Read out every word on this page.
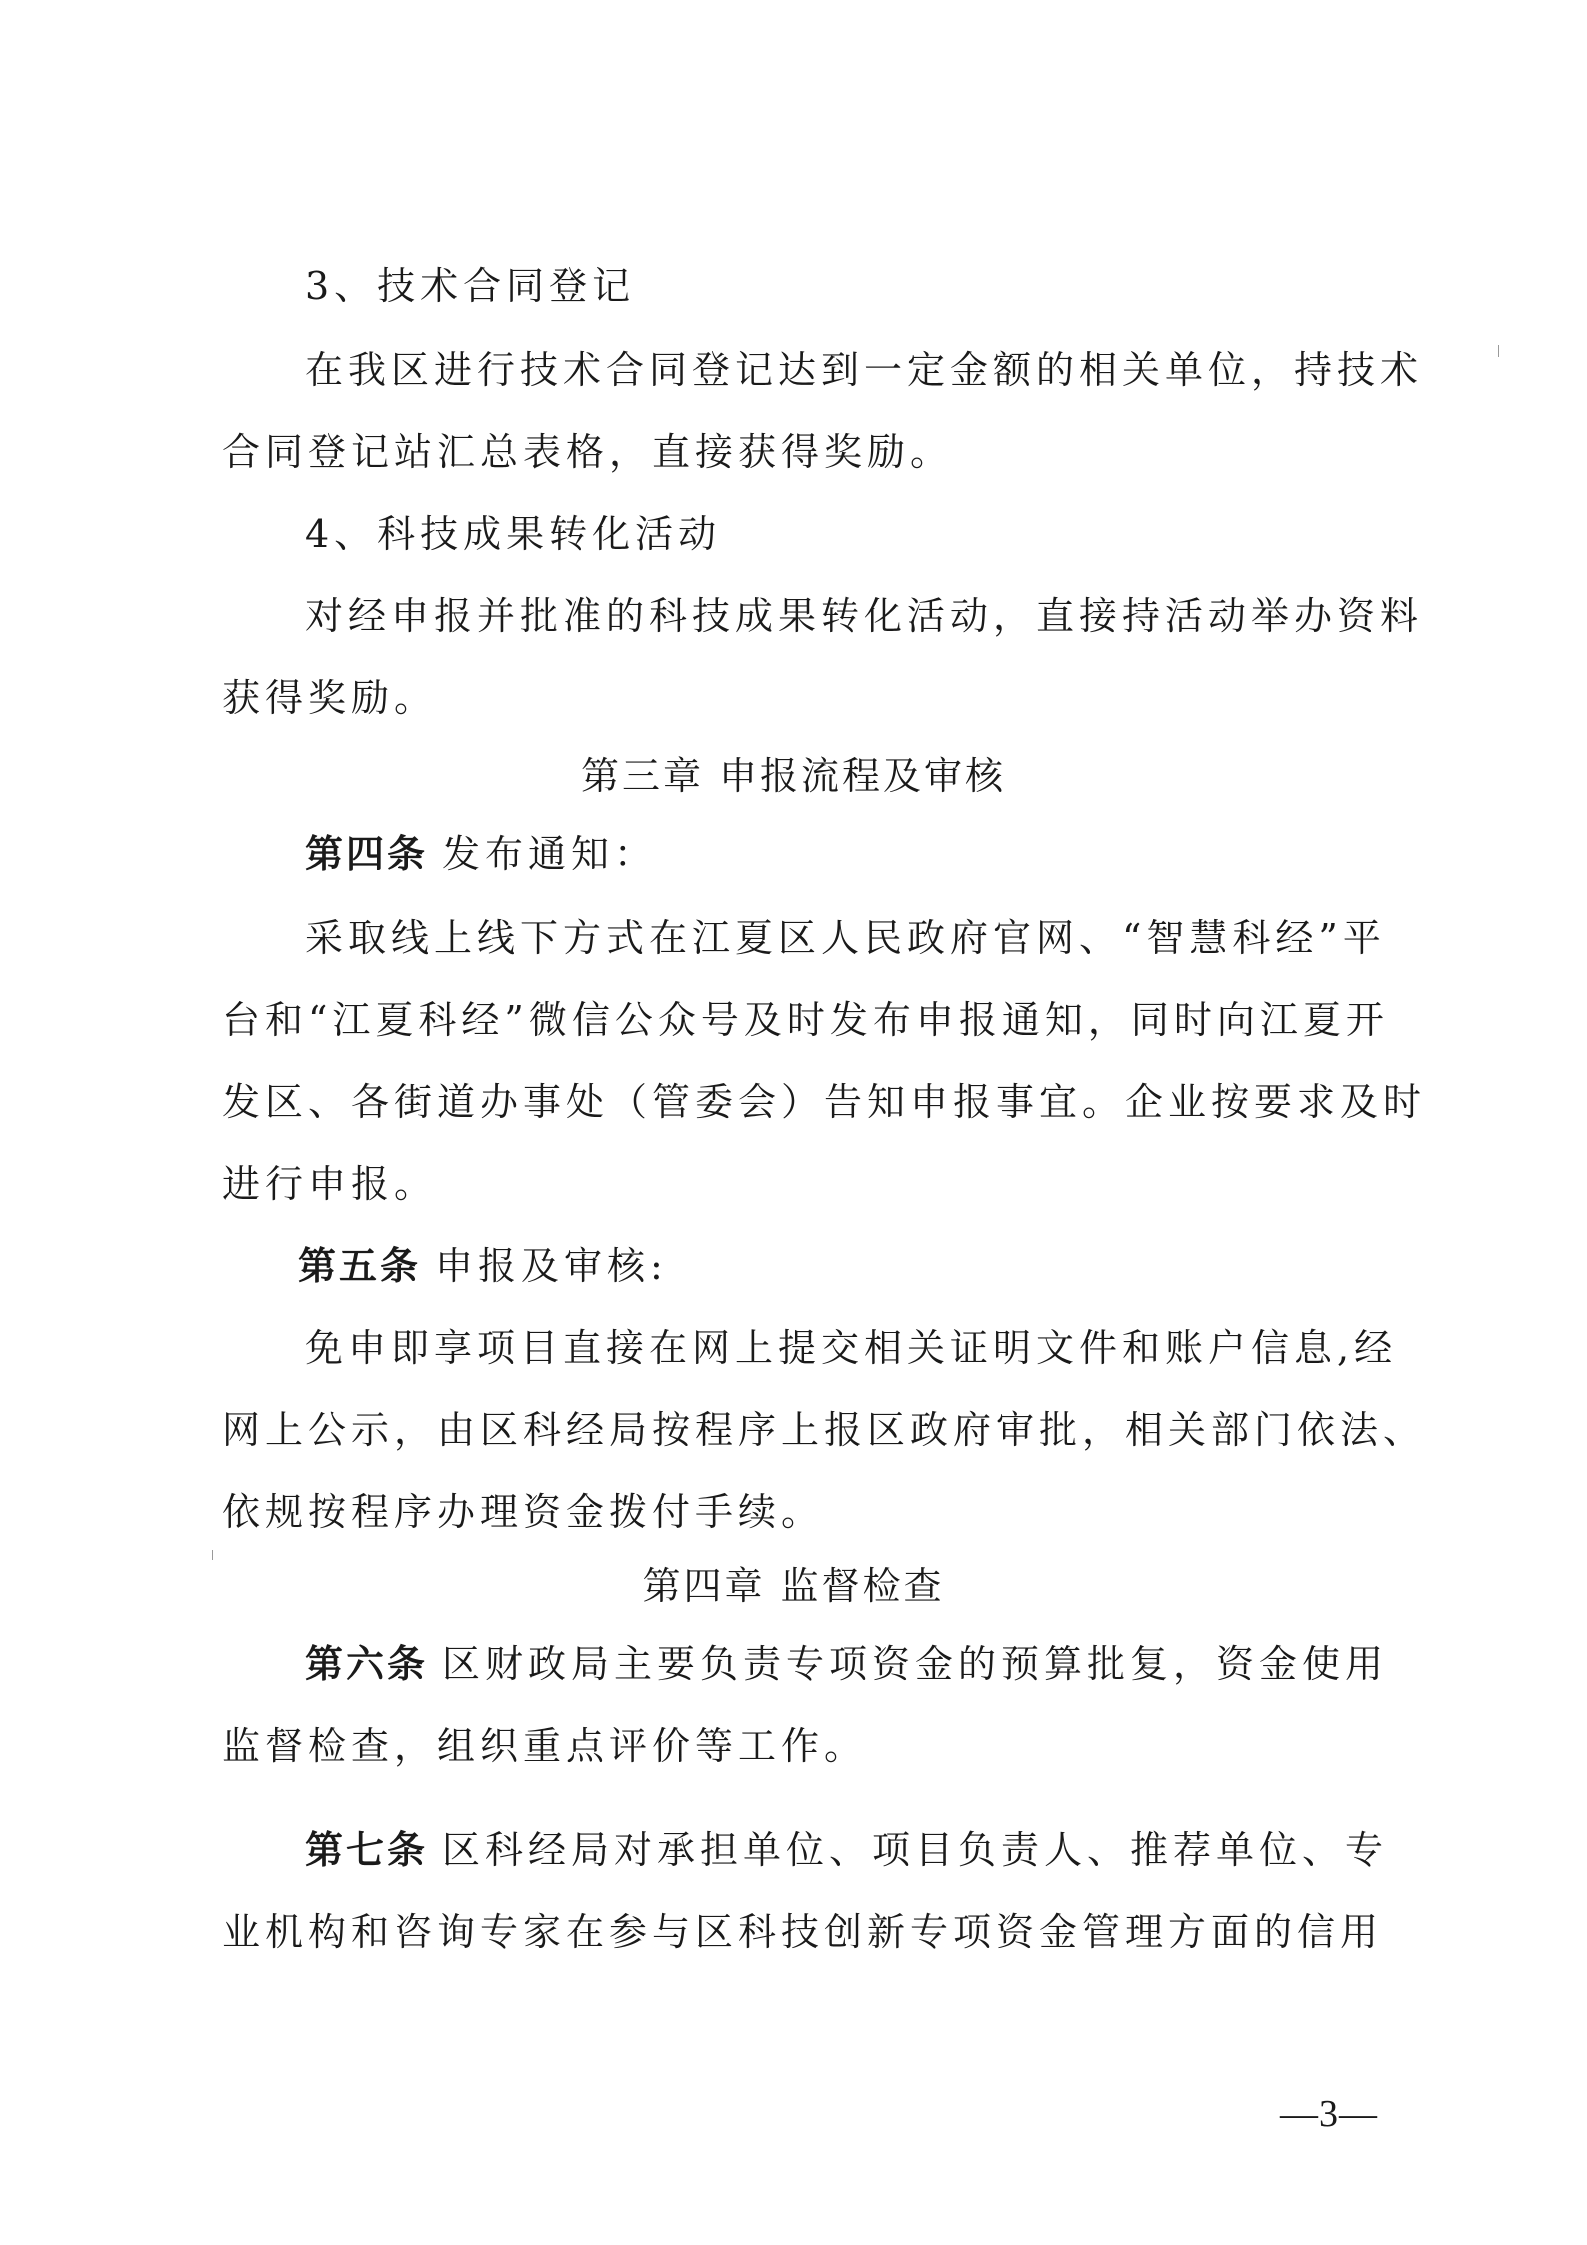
3、技术合同登记
在我区进行技术合同登记达到一定金额的相关单位，持技术
合同登记站汇总表格，直接获得奖励。
4、科技成果转化活动
对经申报并批准的科技成果转化活动，直接持活动举办资料
获得奖励。
第三章 申报流程及审核
第四条 发布通知：
采取线上线下方式在江夏区人民政府官网、“智慧科经”平
台和“江夏科经”微信公众号及时发布申报通知，同时向江夏开
发区、各街道办事处（管委会）告知申报事宜。企业按要求及时
进行申报。
第五条 申报及审核:
免申即享项目直接在网上提交相关证明文件和账户信息,经
网上公示，由区科经局按程序上报区政府审批，相关部门依法、
依规按程序办理资金拨付手续。
第四章 监督检查
第六条 区财政局主要负责专项资金的预算批复，资金使用
监督检查，组织重点评价等工作。
第七条 区科经局对承担单位、项目负责人、推荐单位、专
业机构和咨询专家在参与区科技创新专项资金管理方面的信用
—3—
